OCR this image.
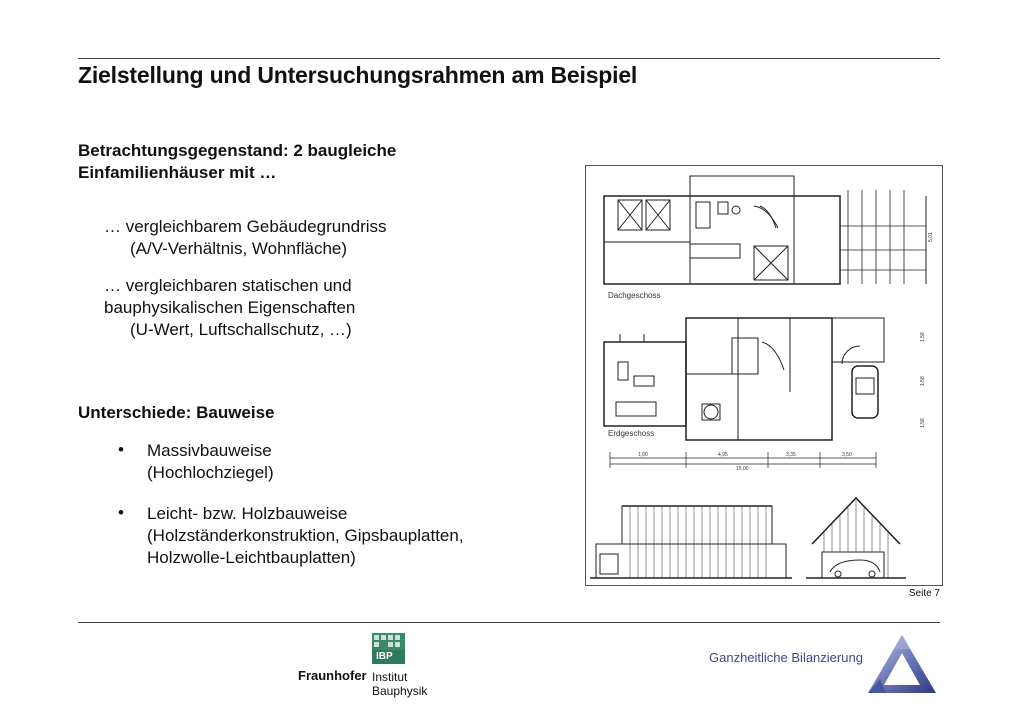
Zielstellung und Untersuchungsrahmen am Beispiel
Betrachtungsgegenstand: 2 baugleiche
Einfamilienhäuser mit …
… vergleichbarem Gebäudegrundriss
(A/V-Verhältnis, Wohnfläche)
… vergleichbaren statischen und
bauphysikalischen Eigenschaften
(U-Wert, Luftschallschutz, …)
Unterschiede: Bauweise
• Massivbauweise
(Hochlochziegel)
• Leicht- bzw. Holzbauweise
(Holzständerkonstruktion, Gipsbauplatten,
Holzwolle-Leichtbauplatten)
Dachgeschoss
5,01
Erdgeschoss
1,58
1,58
1,58
1,90	4,95	3,35	3,50
15,00
Seite 7
IBP
Fraunhofer Institut
Bauphysik
Ganzheitliche Bilanzierung
